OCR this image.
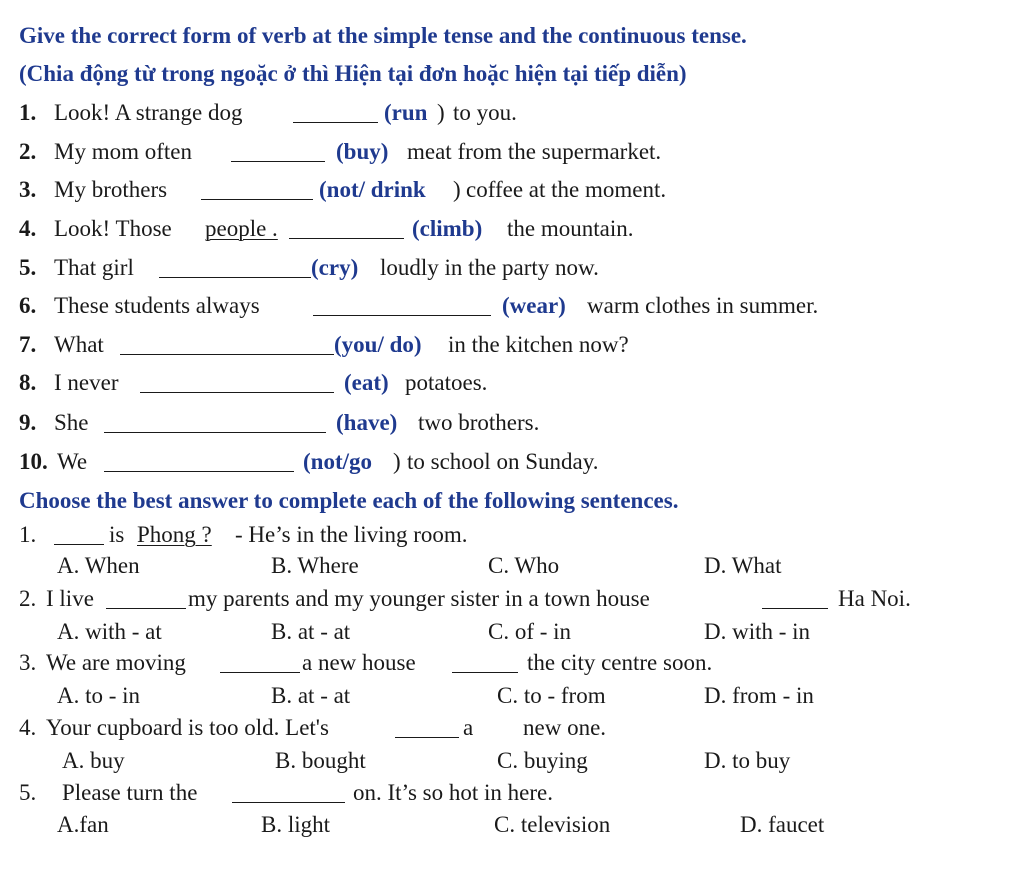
Give the correct form of verb at the simple tense and the continuous tense.
(Chia động từ trong ngoặc ở thì Hiện tại đơn hoặc hiện tại tiếp diễn)
1. Look! A strange dog	(run ) to you.
2. My mom often	(buy) meat from the supermarket.
3. My brothers	(not/ drink ) coffee at the moment.
4. Look! Those people .	(climb) the mountain.
5. That girl	(cry) loudly in the party now.
6. These students always	(wear) warm clothes in summer.
7. What	(you/ do) in the kitchen now?
8. I never	(eat) potatoes.
9. She	(have) two brothers.
10. We	(not/go ) to school on Sunday.
Choose the best answer to complete each of the following sentences.
1.	is Phong ? - He’s in the living room.
A. When	B. Where	C. Who	D. What
2. I live	my parents and my younger sister in a town house	Ha Noi.
A. with - at	B. at - at	C. of - in	D. with - in
3. We are moving	a new house	the city centre soon.
A. to - in	B. at - at	C. to - from	D. from - in
4. Your cupboard is too old. Let's	a new one.
A. buy	B. bought	C. buying	D. to buy
5. Please turn the	on. It’s so hot in here.
A.fan	B. light	C. television	D. faucet
